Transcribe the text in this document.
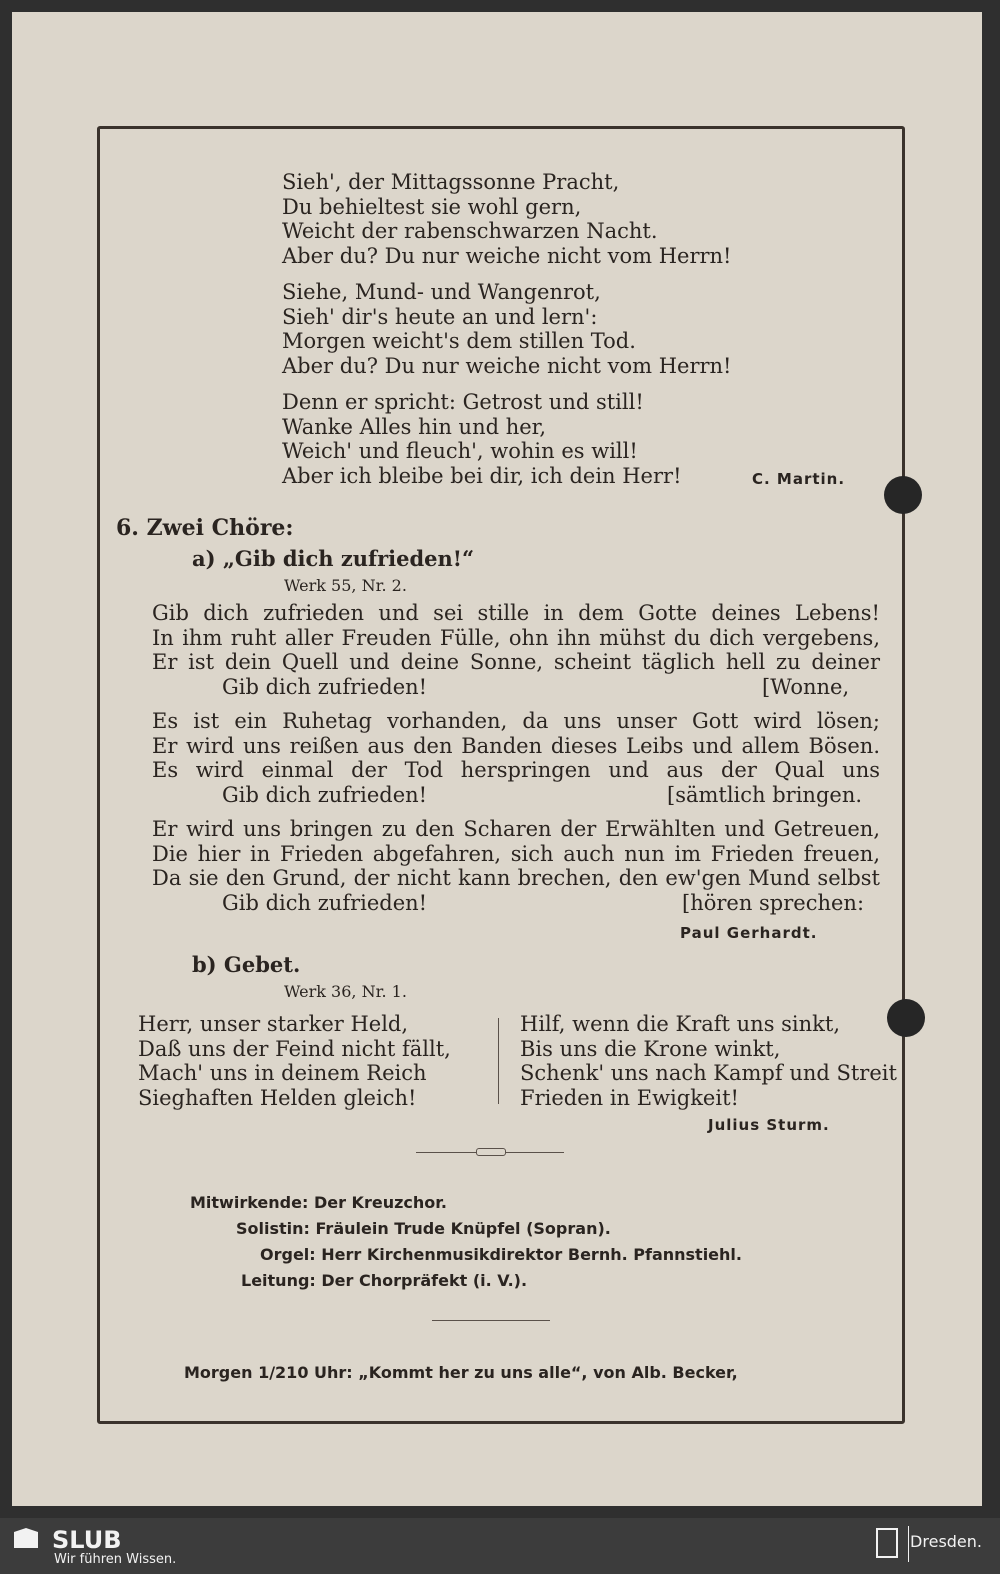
Sieh', der Mittagssonne Pracht,
Du behieltest sie wohl gern,
Weicht der rabenschwarzen Nacht.
Aber du? Du nur weiche nicht vom Herrn!
Siehe, Mund- und Wangenrot,
Sieh' dir's heute an und lern':
Morgen weicht's dem stillen Tod.
Aber du? Du nur weiche nicht vom Herrn!
Denn er spricht: Getrost und still!
Wanke Alles hin und her,
Weich' und fleuch', wohin es will!
Aber ich bleibe bei dir, ich dein Herr!	C. Martin.
6. Zwei Chöre:
a) „Gib dich zufrieden!“
Werk 55, Nr. 2.
Gib dich zufrieden und sei stille in dem Gotte deines Lebens!
In ihm ruht aller Freuden Fülle, ohn ihn mühst du dich vergebens,
Er ist dein Quell und deine Sonne, scheint täglich hell zu deiner
Gib dich zufrieden!	[Wonne,
Es ist ein Ruhetag vorhanden, da uns unser Gott wird lösen;
Er wird uns reißen aus den Banden dieses Leibs und allem Bösen.
Es wird einmal der Tod herspringen und aus der Qual uns
Gib dich zufrieden!	[sämtlich bringen.
Er wird uns bringen zu den Scharen der Erwählten und Getreuen,
Die hier in Frieden abgefahren, sich auch nun im Frieden freuen,
Da sie den Grund, der nicht kann brechen, den ew'gen Mund selbst
Gib dich zufrieden!	[hören sprechen:
Paul Gerhardt.
b) Gebet.
Werk 36, Nr. 1.
Herr, unser starker Held,
Daß uns der Feind nicht fällt,
Mach' uns in deinem Reich
Sieghaften Helden gleich!
Hilf, wenn die Kraft uns sinkt,
Bis uns die Krone winkt,
Schenk' uns nach Kampf und Streit
Frieden in Ewigkeit!
Julius Sturm.
Mitwirkende: Der Kreuzchor.
Solistin: Fräulein Trude Knüpfel (Sopran).
Orgel: Herr Kirchenmusikdirektor Bernh. Pfannstiehl.
Leitung: Der Chorpräfekt (i. V.).
Morgen 1/210 Uhr: „Kommt her zu uns alle“, von Alb. Becker,
SLUB
Wir führen Wissen.
Dresden.
